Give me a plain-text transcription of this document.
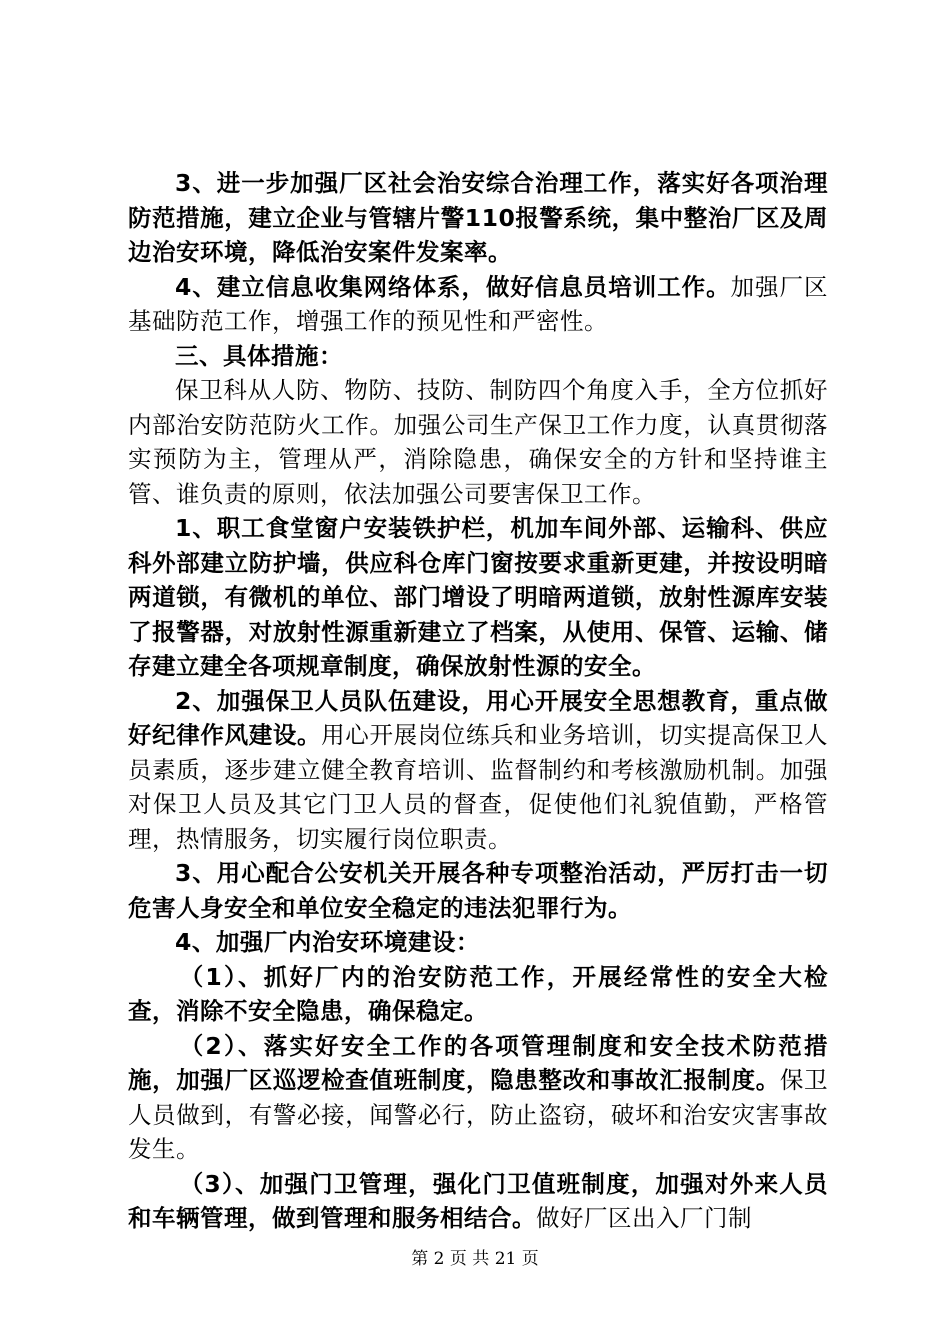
3、进一步加强厂区社会治安综合治理工作，落实好各项治理防范措施，建立企业与管辖片警110报警系统，集中整治厂区及周边治安环境，降低治安案件发案率。

4、建立信息收集网络体系，做好信息员培训工作。加强厂区基础防范工作，增强工作的预见性和严密性。

三、具体措施：

保卫科从人防、物防、技防、制防四个角度入手，全方位抓好内部治安防范防火工作。加强公司生产保卫工作力度，认真贯彻落实预防为主，管理从严，消除隐患，确保安全的方针和坚持谁主管、谁负责的原则，依法加强公司要害保卫工作。

1、职工食堂窗户安装铁护栏，机加车间外部、运输科、供应科外部建立防护墙，供应科仓库门窗按要求重新更建，并按设明暗两道锁，有微机的单位、部门增设了明暗两道锁，放射性源库安装了报警器，对放射性源重新建立了档案，从使用、保管、运输、储存建立建全各项规章制度，确保放射性源的安全。

2、加强保卫人员队伍建设，用心开展安全思想教育，重点做好纪律作风建设。用心开展岗位练兵和业务培训，切实提高保卫人员素质，逐步建立健全教育培训、监督制约和考核激励机制。加强对保卫人员及其它门卫人员的督查，促使他们礼貌值勤，严格管理，热情服务，切实履行岗位职责。

3、用心配合公安机关开展各种专项整治活动，严厉打击一切危害人身安全和单位安全稳定的违法犯罪行为。

4、加强厂内治安环境建设：

（1）、抓好厂内的治安防范工作，开展经常性的安全大检查，消除不安全隐患，确保稳定。

（2）、落实好安全工作的各项管理制度和安全技术防范措施，加强厂区巡逻检查值班制度，隐患整改和事故汇报制度。保卫人员做到，有警必接，闻警必行，防止盗窃，破坏和治安灾害事故发生。

（3）、加强门卫管理，强化门卫值班制度，加强对外来人员和车辆管理，做到管理和服务相结合。做好厂区出入厂门制

第 2 页 共 21 页
